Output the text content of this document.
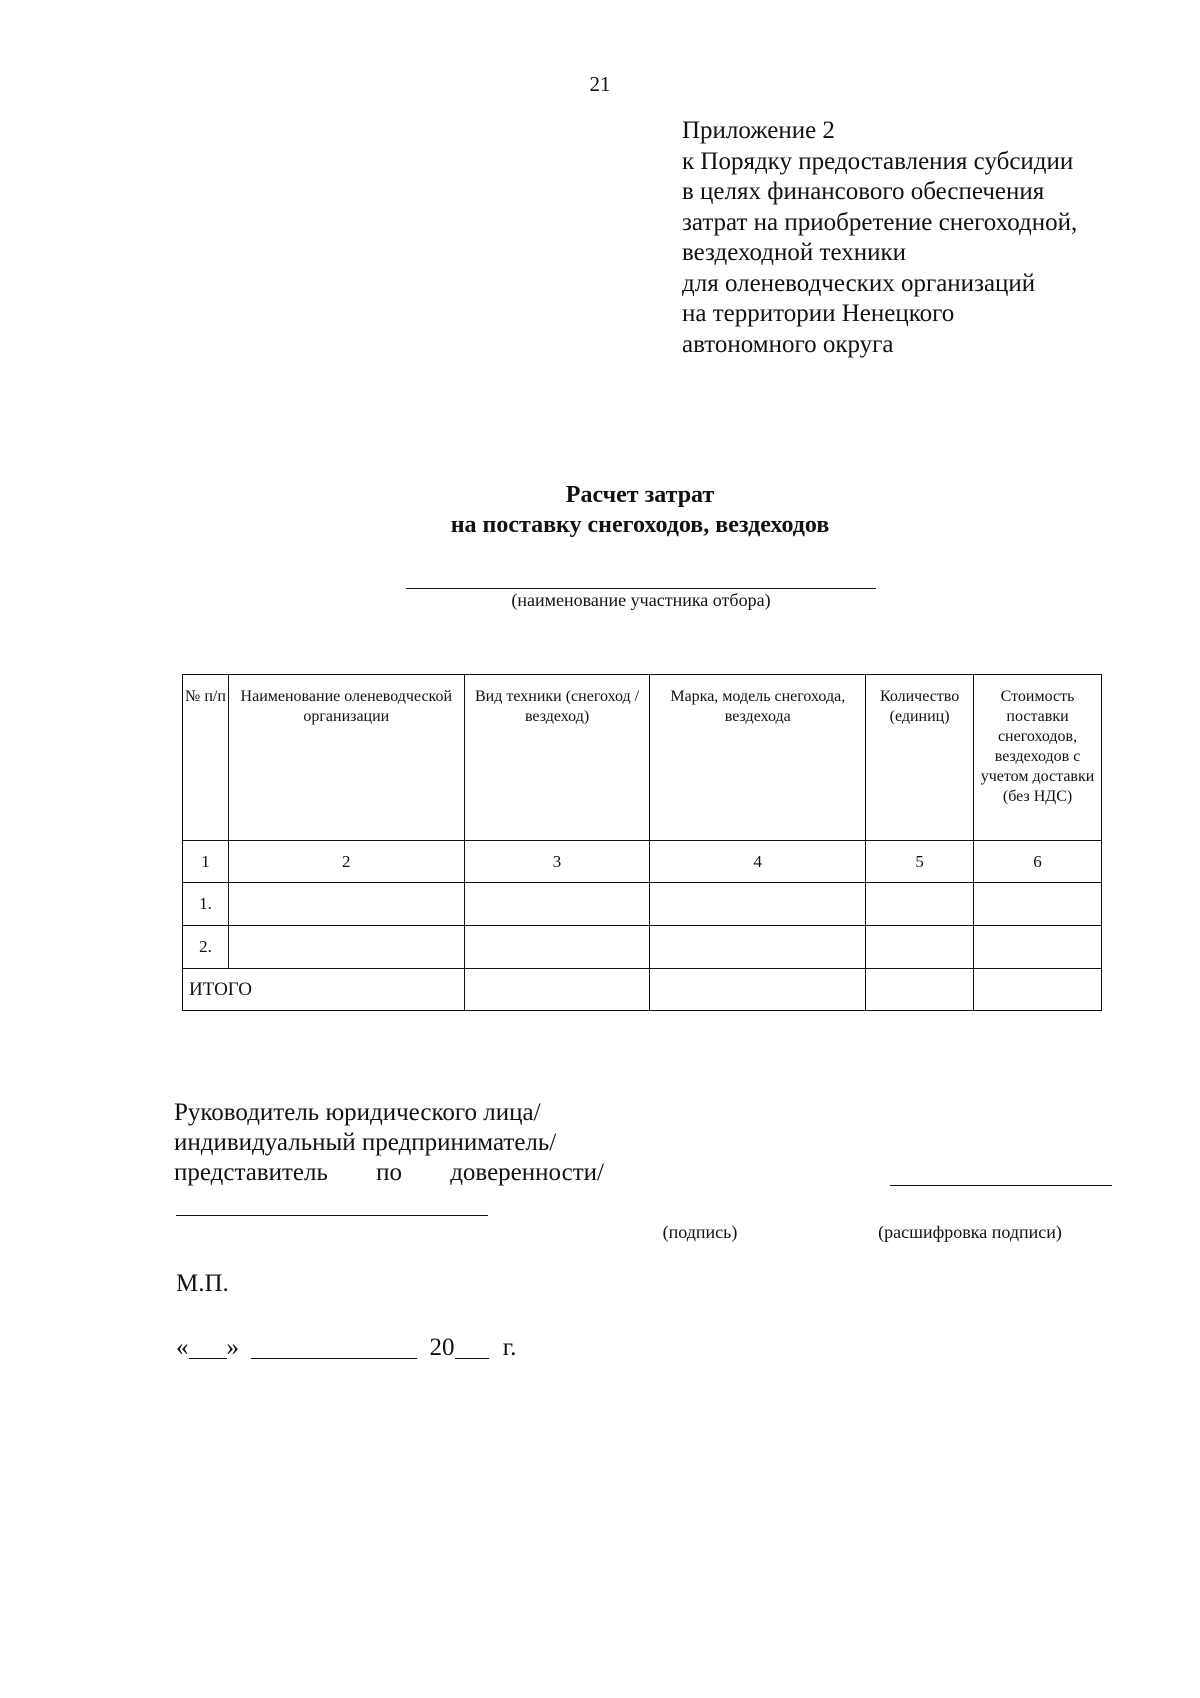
21
Приложение 2
к Порядку предоставления субсидии
в целях финансового обеспечения
затрат на приобретение снегоходной,
вездеходной техники
для оленеводческих организаций
на территории Ненецкого
автономного округа
Расчет затрат
на поставку снегоходов, вездеходов
(наименование участника отбора)
№ п/п	Наименование оленеводческой организации	Вид техники (снегоход / вездеход)	Марка, модель снегохода, вездехода	Количество (единиц)	Стоимость поставки снегоходов, вездеходов с учетом доставки (без НДС)
1	2	3	4	5	6
1.					
2.					
ИТОГО					
Руководитель юридического лица/
индивидуальный предприниматель/
представитель по доверенности/
(подпись)	(расшифровка подписи)
М.П.
« »	20 г.
